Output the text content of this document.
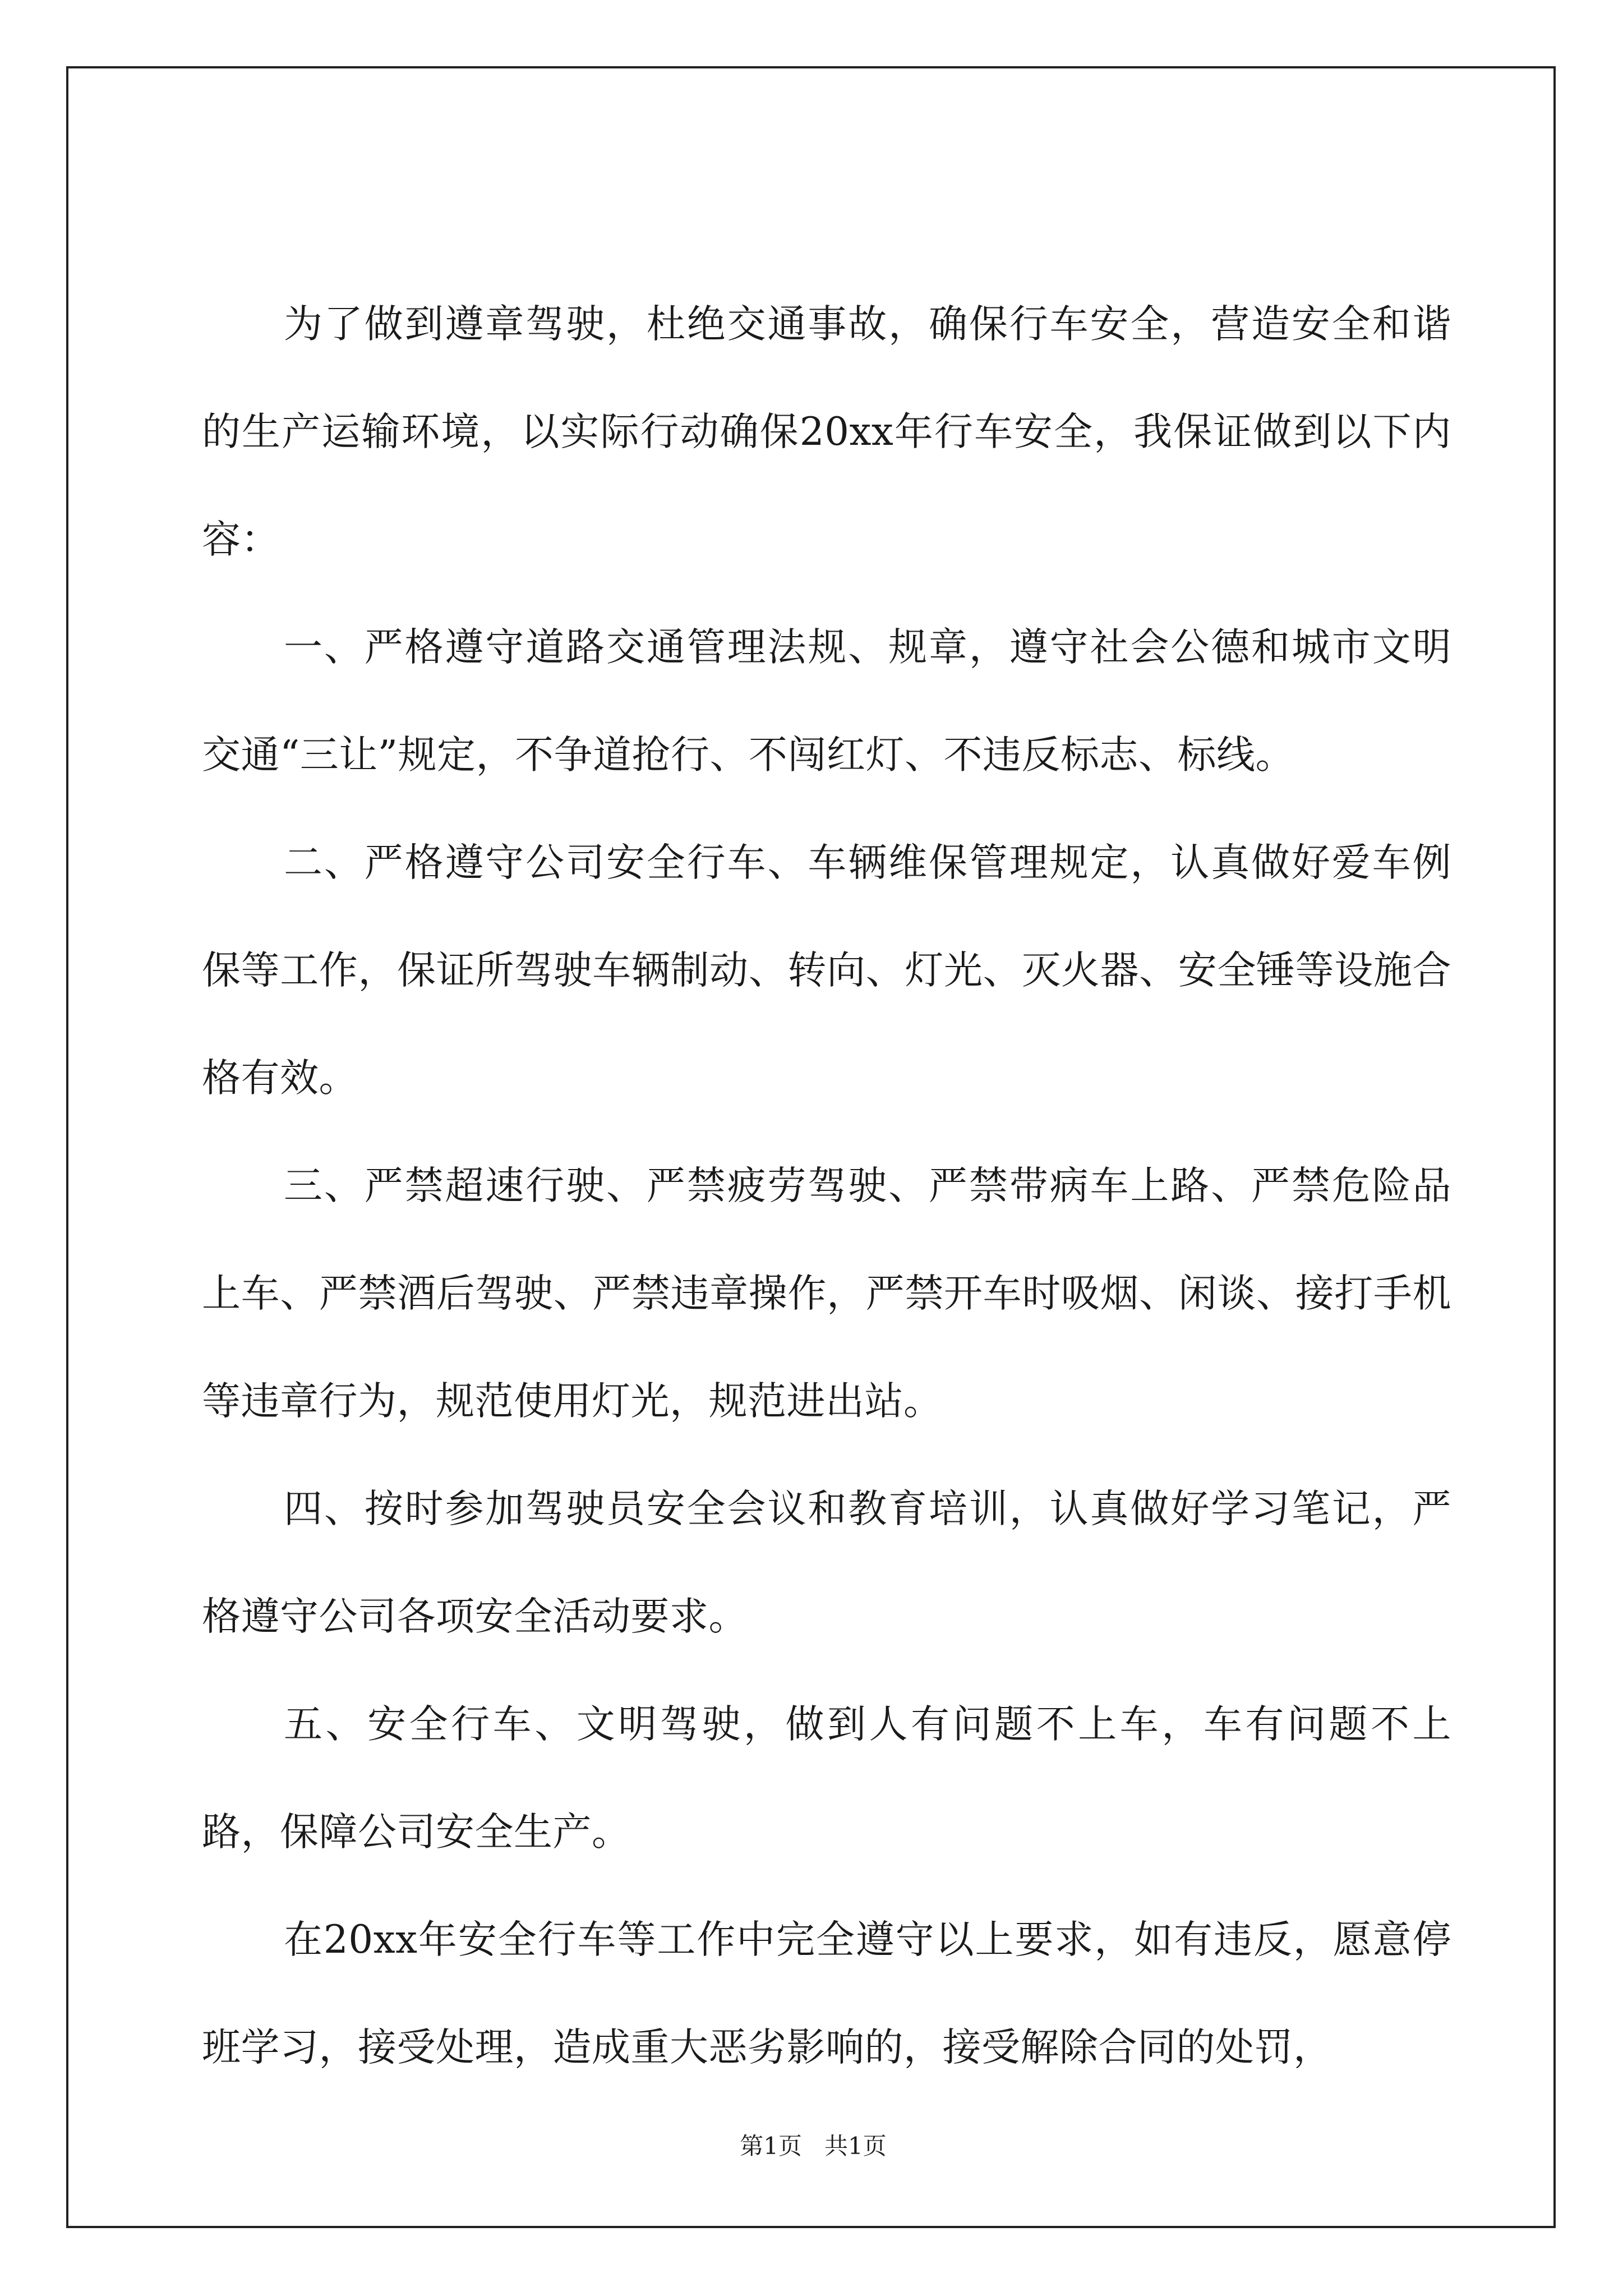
为了做到遵章驾驶，杜绝交通事故，确保行车安全，营造安全和谐的生产运输环境，以实际行动确保20xx年行车安全，我保证做到以下内容：

一、严格遵守道路交通管理法规、规章，遵守社会公德和城市文明交通“三让”规定，不争道抢行、不闯红灯、不违反标志、标线。

二、严格遵守公司安全行车、车辆维保管理规定，认真做好爱车例保等工作，保证所驾驶车辆制动、转向、灯光、灭火器、安全锤等设施合格有效。

三、严禁超速行驶、严禁疲劳驾驶、严禁带病车上路、严禁危险品上车、严禁酒后驾驶、严禁违章操作，严禁开车时吸烟、闲谈、接打手机等违章行为，规范使用灯光，规范进出站。

四、按时参加驾驶员安全会议和教育培训，认真做好学习笔记，严格遵守公司各项安全活动要求。

五、安全行车、文明驾驶，做到人有问题不上车，车有问题不上路，保障公司安全生产。

在20xx年安全行车等工作中完全遵守以上要求，如有违反，愿意停班学习，接受处理，造成重大恶劣影响的，接受解除合同的处罚，

第1页   共1页
